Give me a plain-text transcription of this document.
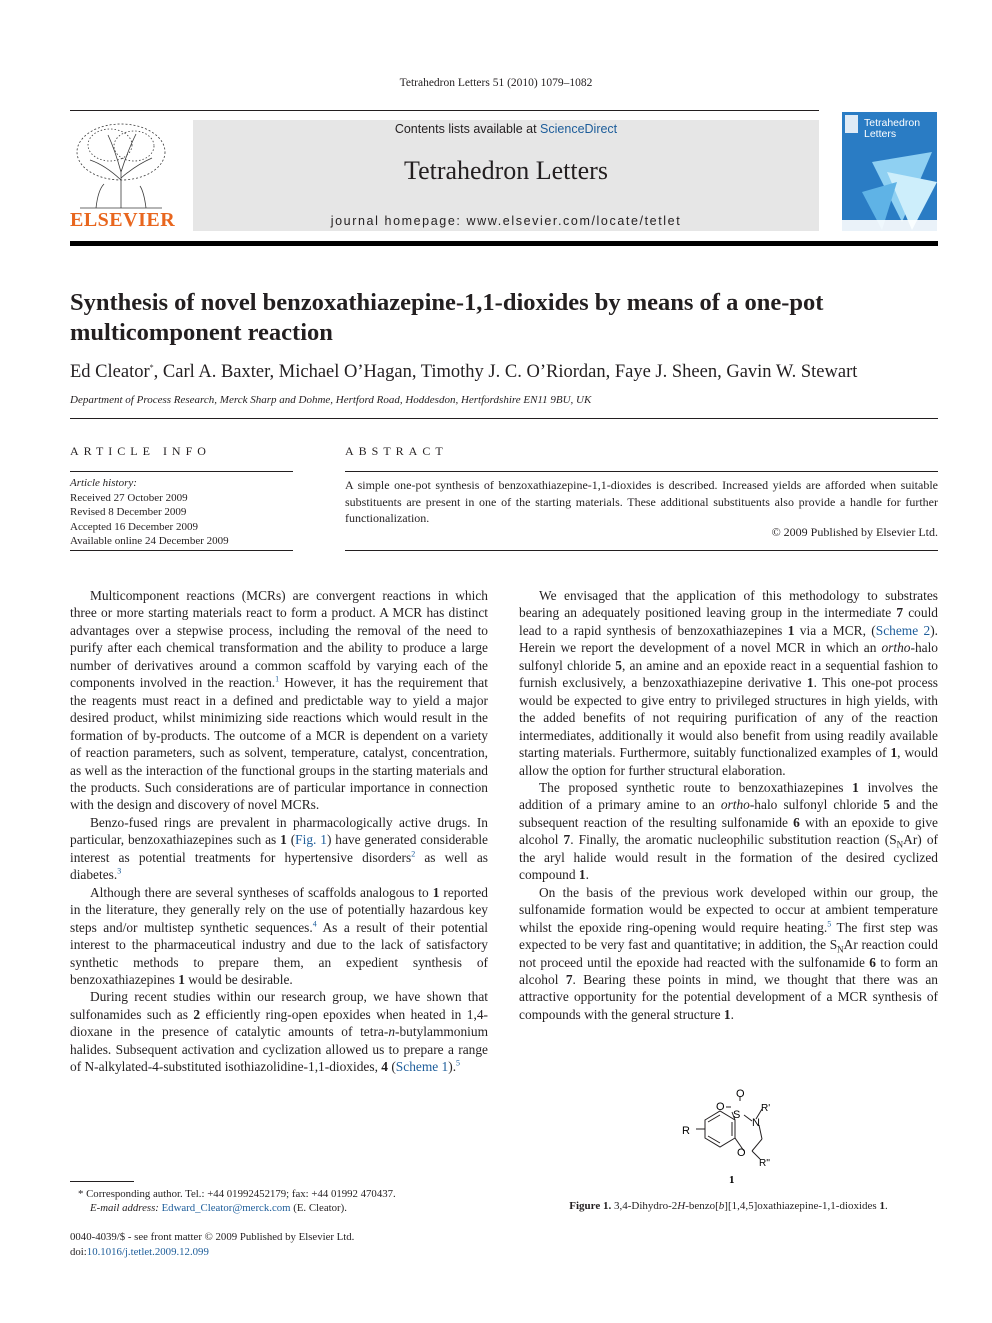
Tetrahedron Letters 51 (2010) 1079–1082
ELSEVIER
Contents lists available at ScienceDirect
Tetrahedron Letters
journal homepage: www.elsevier.com/locate/tetlet
Tetrahedron
Letters
Synthesis of novel benzoxathiazepine-1,1-dioxides by means of a one-pot multicomponent reaction
Ed Cleator*, Carl A. Baxter, Michael O’Hagan, Timothy J. C. O’Riordan, Faye J. Sheen, Gavin W. Stewart
Department of Process Research, Merck Sharp and Dohme, Hertford Road, Hoddesdon, Hertfordshire EN11 9BU, UK
ARTICLE INFO
Article history:
Received 27 October 2009
Revised 8 December 2009
Accepted 16 December 2009
Available online 24 December 2009
ABSTRACT
A simple one-pot synthesis of benzoxathiazepine-1,1-dioxides is described. Increased yields are afforded when suitable substituents are present in one of the starting materials. These additional substituents also provide a handle for further functionalization.
© 2009 Published by Elsevier Ltd.

Multicomponent reactions (MCRs) are convergent reactions in which three or more starting materials react to form a product. A MCR has distinct advantages over a stepwise process, including the removal of the need to purify after each chemical transformation and the ability to produce a large number of derivatives around a common scaffold by varying each of the components involved in the reaction.$^1$ However, it has the requirement that the reagents must react in a defined and predictable way to yield a major desired product, whilst minimizing side reactions which would result in the formation of by-products. The outcome of a MCR is dependent on a variety of reaction parameters, such as solvent, temperature, catalyst, concentration, as well as the interaction of the functional groups in the starting materials and the products. Such considerations are of particular importance in connection with the design and discovery of novel MCRs.

Benzo-fused rings are prevalent in pharmacologically active drugs. In particular, benzoxathiazepines such as 1 (Fig. 1) have generated considerable interest as potential treatments for hypertensive disorders$^2$ as well as diabetes.$^3$

Although there are several syntheses of scaffolds analogous to 1 reported in the literature, they generally rely on the use of potentially hazardous key steps and/or multistep synthetic sequences.$^4$ As a result of their potential interest to the pharmaceutical industry and due to the lack of satisfactory synthetic methods to prepare them, an expedient synthesis of benzoxathiazepines 1 would be desirable.

During recent studies within our research group, we have shown that sulfonamides such as 2 efficiently ring-open epoxides when heated in 1,4-dioxane in the presence of catalytic amounts of tetra-n-butylammonium halides. Subsequent activation and cyclization allowed us to prepare a range of N-alkylated-4-substituted isothiazolidine-1,1-dioxides, 4 (Scheme 1).$^5$

We envisaged that the application of this methodology to substrates bearing an adequately positioned leaving group in the intermediate 7 could lead to a rapid synthesis of benzoxathiazepines 1 via a MCR, (Scheme 2). Herein we report the development of a novel MCR in which an ortho-halo sulfonyl chloride 5, an amine and an epoxide react in a sequential fashion to furnish exclusively, a benzoxathiazepine derivative 1. This one-pot process would be expected to give entry to privileged structures in high yields, with the added benefits of not requiring purification of any of the reaction intermediates, additionally it would also benefit from using readily available starting materials. Furthermore, suitably functionalized examples of 1, would allow the option for further structural elaboration.

The proposed synthetic route to benzoxathiazepines 1 involves the addition of a primary amine to an ortho-halo sulfonyl chloride 5 and the subsequent reaction of the resulting sulfonamide 6 with an epoxide to give alcohol 7. Finally, the aromatic nucleophilic substitution reaction $(S_NAr)$ of the aryl halide would result in the formation of the desired cyclized compound 1.

On the basis of the previous work developed within our group, the sulfonamide formation would be expected to occur at ambient temperature whilst the epoxide ring-opening would require heating.$^5$ The first step was expected to be very fast and quantitative; in addition, the $S_NAr$ reaction could not proceed until the epoxide had reacted with the sulfonamide 6 to form an alcohol 7. Bearing these points in mind, we thought that there was an attractive opportunity for the potential development of a MCR synthesis of compounds with the general structure 1.

O
S
O
N
R'
R
O
R''
1
Figure 1. 3,4-Dihydro-2H-benzo[b][1,4,5]oxathiazepine-1,1-dioxides 1.
* Corresponding author. Tel.: +44 01992452179; fax: +44 01992 470437.
E-mail address: Edward_Cleator@merck.com (E. Cleator).
0040-4039/$ - see front matter © 2009 Published by Elsevier Ltd.
doi:10.1016/j.tetlet.2009.12.099
